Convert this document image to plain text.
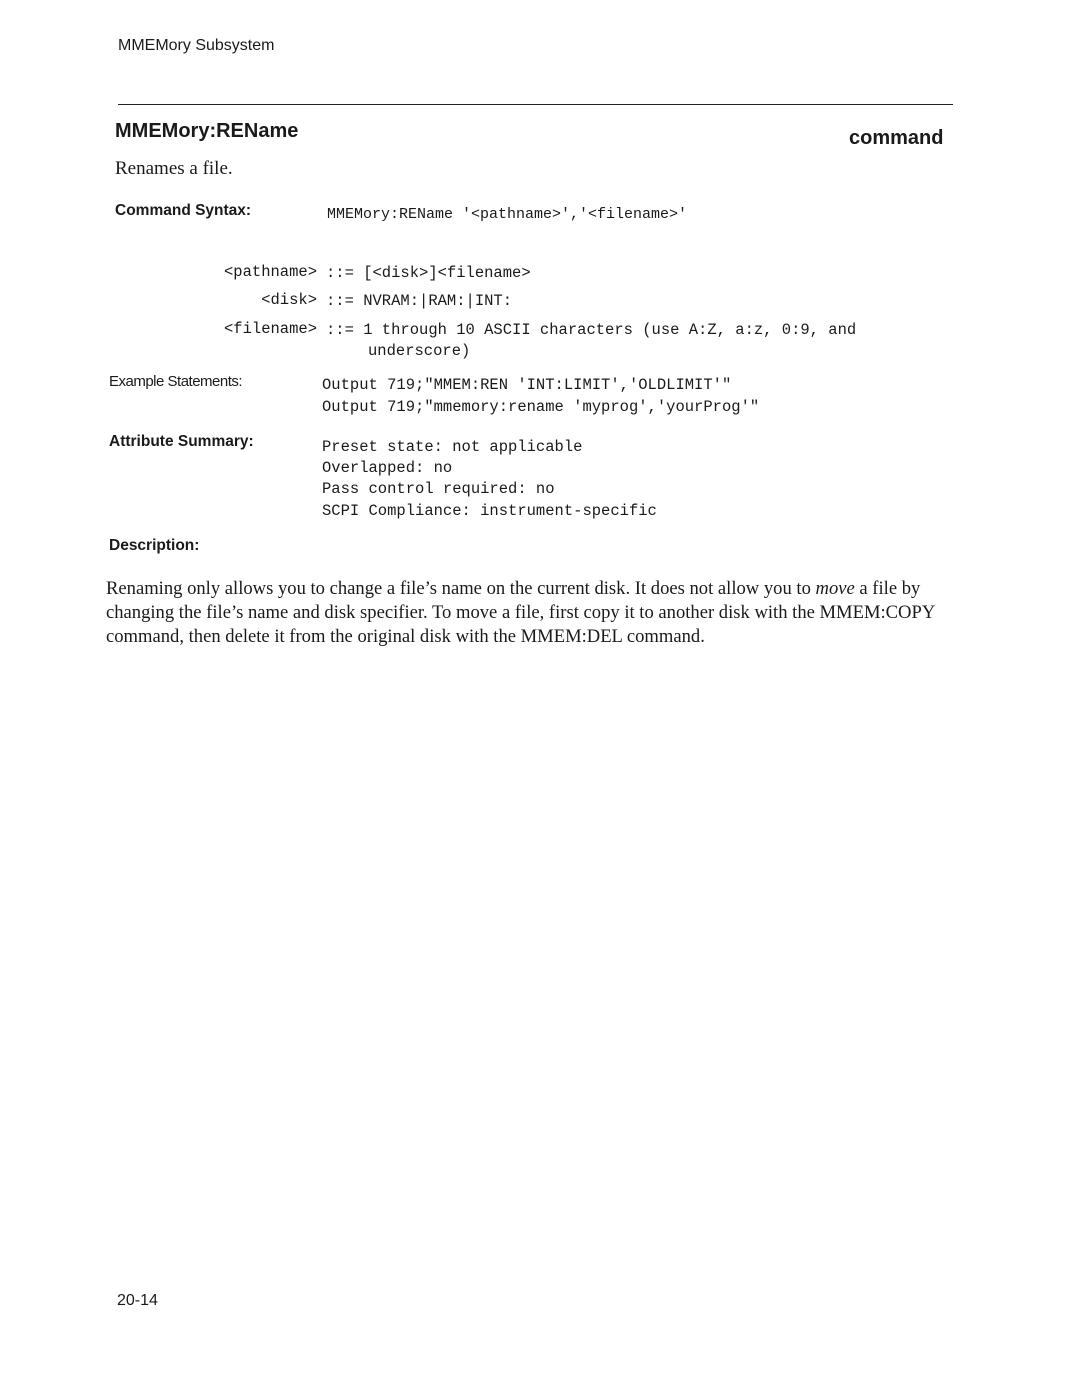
MMEMory Subsystem
MMEMory:REName	command
Renames a file.
Command Syntax:	MMEMory:REName '<pathname>','<filename>'
<pathname> ::= [<disk>]<filename>
<disk> ::= NVRAM:|RAM:|INT:
<filename> ::= 1 through 10 ASCII characters (use A:Z, a:z, 0:9, and
underscore)
Example Statements:	Output 719;"MMEM:REN 'INT:LIMIT','OLDLIMIT'"
Output 719;"mmemory:rename 'myprog','yourProg'"
Attribute Summary:	Preset state: not applicable
Overlapped: no
Pass control required: no
SCPI Compliance: instrument-specific
Description:
Renaming only allows you to change a file’s name on the current disk. It does not allow you to move a file by changing the file’s name and disk specifier. To move a file, first copy it to another disk with the MMEM:COPY command, then delete it from the original disk with the MMEM:DEL command.
20-14
